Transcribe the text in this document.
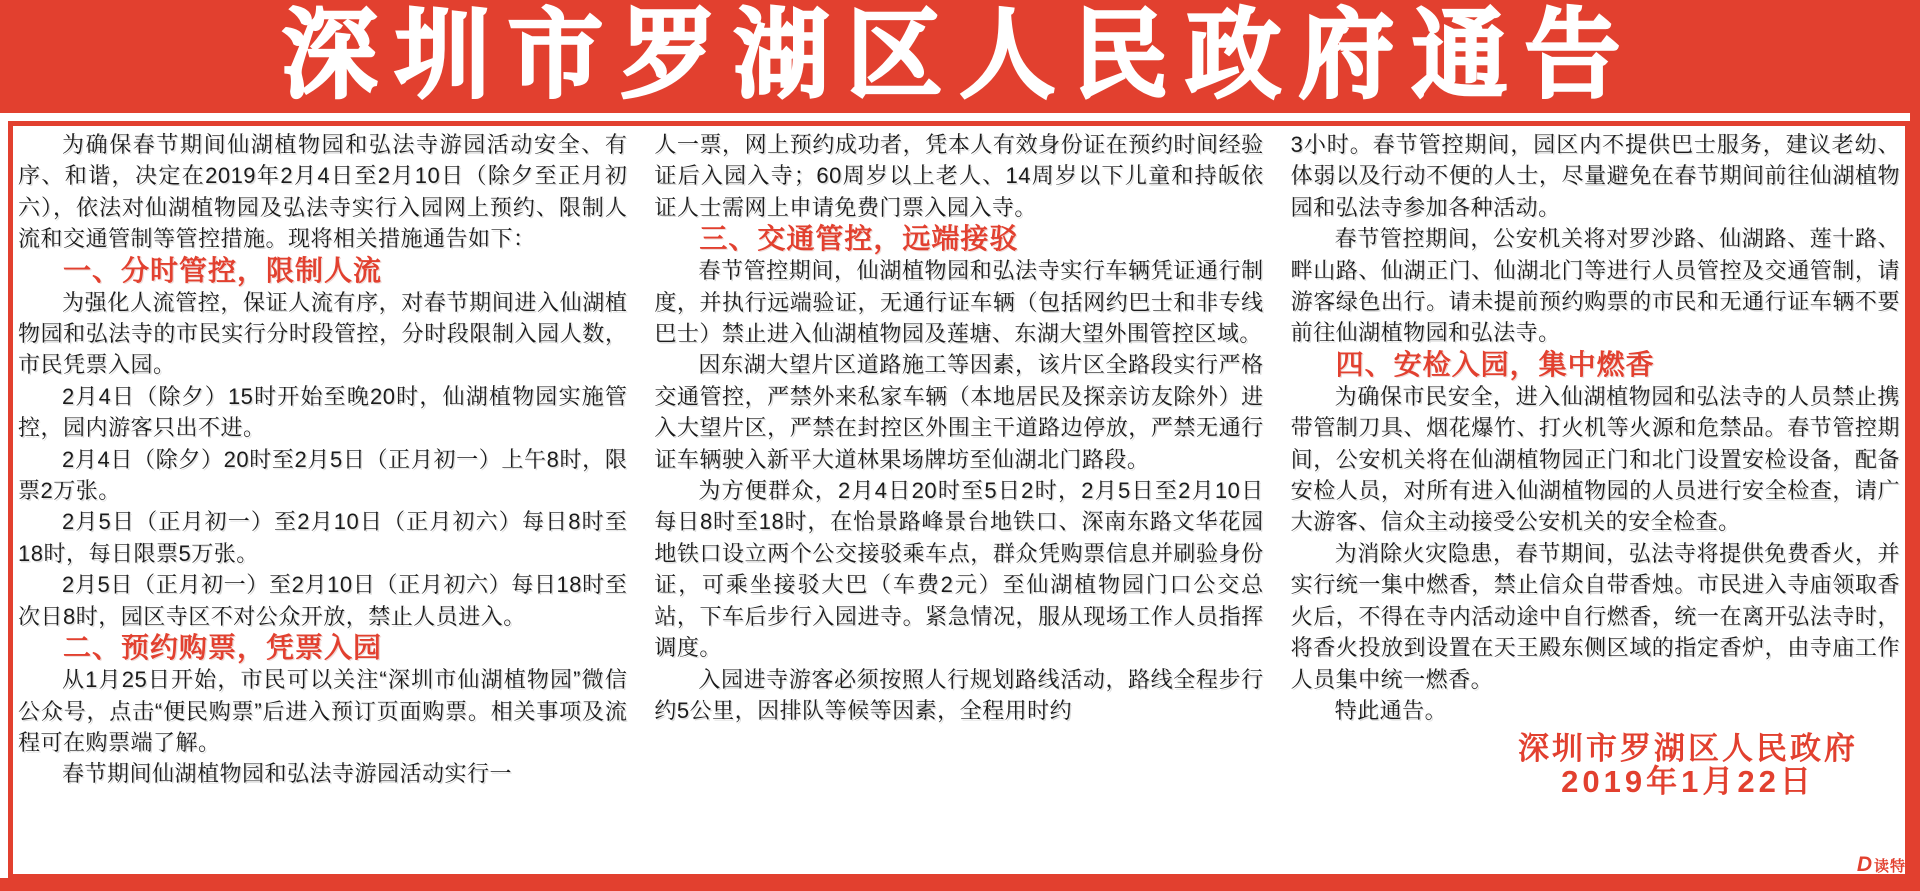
深圳市罗湖区人民政府通告

为确保春节期间仙湖植物园和弘法寺游园活动安全、有序、和谐，决定在2019年2月4日至2月10日（除夕至正月初六），依法对仙湖植物园及弘法寺实行入园网上预约、限制人流和交通管制等管控措施。现将相关措施通告如下：

一、分时管控，限制人流

为强化人流管控，保证人流有序，对春节期间进入仙湖植物园和弘法寺的市民实行分时段管控，分时段限制入园人数，市民凭票入园。

2月4日（除夕）15时开始至晚20时，仙湖植物园实施管控，园内游客只出不进。

2月4日（除夕）20时至2月5日（正月初一）上午8时，限票2万张。

2月5日（正月初一）至2月10日（正月初六）每日8时至18时，每日限票5万张。

2月5日（正月初一）至2月10日（正月初六）每日18时至次日8时，园区寺区不对公众开放，禁止人员进入。

二、预约购票，凭票入园

从1月25日开始，市民可以关注“深圳市仙湖植物园”微信公众号，点击“便民购票”后进入预订页面购票。相关事项及流程可在购票端了解。

春节期间仙湖植物园和弘法寺游园活动实行一

人一票，网上预约成功者，凭本人有效身份证在预约时间经验证后入园入寺；60周岁以上老人、14周岁以下儿童和持皈依证人士需网上申请免费门票入园入寺。

三、交通管控，远端接驳

春节管控期间，仙湖植物园和弘法寺实行车辆凭证通行制度，并执行远端验证，无通行证车辆（包括网约巴士和非专线巴士）禁止进入仙湖植物园及莲塘、东湖大望外围管控区域。

因东湖大望片区道路施工等因素，该片区全路段实行严格交通管控，严禁外来私家车辆（本地居民及探亲访友除外）进入大望片区，严禁在封控区外围主干道路边停放，严禁无通行证车辆驶入新平大道林果场牌坊至仙湖北门路段。

为方便群众，2月4日20时至5日2时，2月5日至2月10日每日8时至18时，在怡景路峰景台地铁口、深南东路文华花园地铁口设立两个公交接驳乘车点，群众凭购票信息并刷验身份证，可乘坐接驳大巴（车费2元）至仙湖植物园门口公交总站，下车后步行入园进寺。紧急情况，服从现场工作人员指挥调度。

入园进寺游客必须按照人行规划路线活动，路线全程步行约5公里，因排队等候等因素，全程用时约

3小时。春节管控期间，园区内不提供巴士服务，建议老幼、体弱以及行动不便的人士，尽量避免在春节期间前往仙湖植物园和弘法寺参加各种活动。

春节管控期间，公安机关将对罗沙路、仙湖路、莲十路、畔山路、仙湖正门、仙湖北门等进行人员管控及交通管制，请游客绿色出行。请未提前预约购票的市民和无通行证车辆不要前往仙湖植物园和弘法寺。

四、安检入园，集中燃香

为确保市民安全，进入仙湖植物园和弘法寺的人员禁止携带管制刀具、烟花爆竹、打火机等火源和危禁品。春节管控期间，公安机关将在仙湖植物园正门和北门设置安检设备，配备安检人员，对所有进入仙湖植物园的人员进行安全检查，请广大游客、信众主动接受公安机关的安全检查。

为消除火灾隐患，春节期间，弘法寺将提供免费香火，并实行统一集中燃香，禁止信众自带香烛。市民进入寺庙领取香火后，不得在寺内活动途中自行燃香，统一在离开弘法寺时，将香火投放到设置在天王殿东侧区域的指定香炉，由寺庙工作人员集中统一燃香。

特此通告。

深圳市罗湖区人民政府
2019年1月22日
D 读特
